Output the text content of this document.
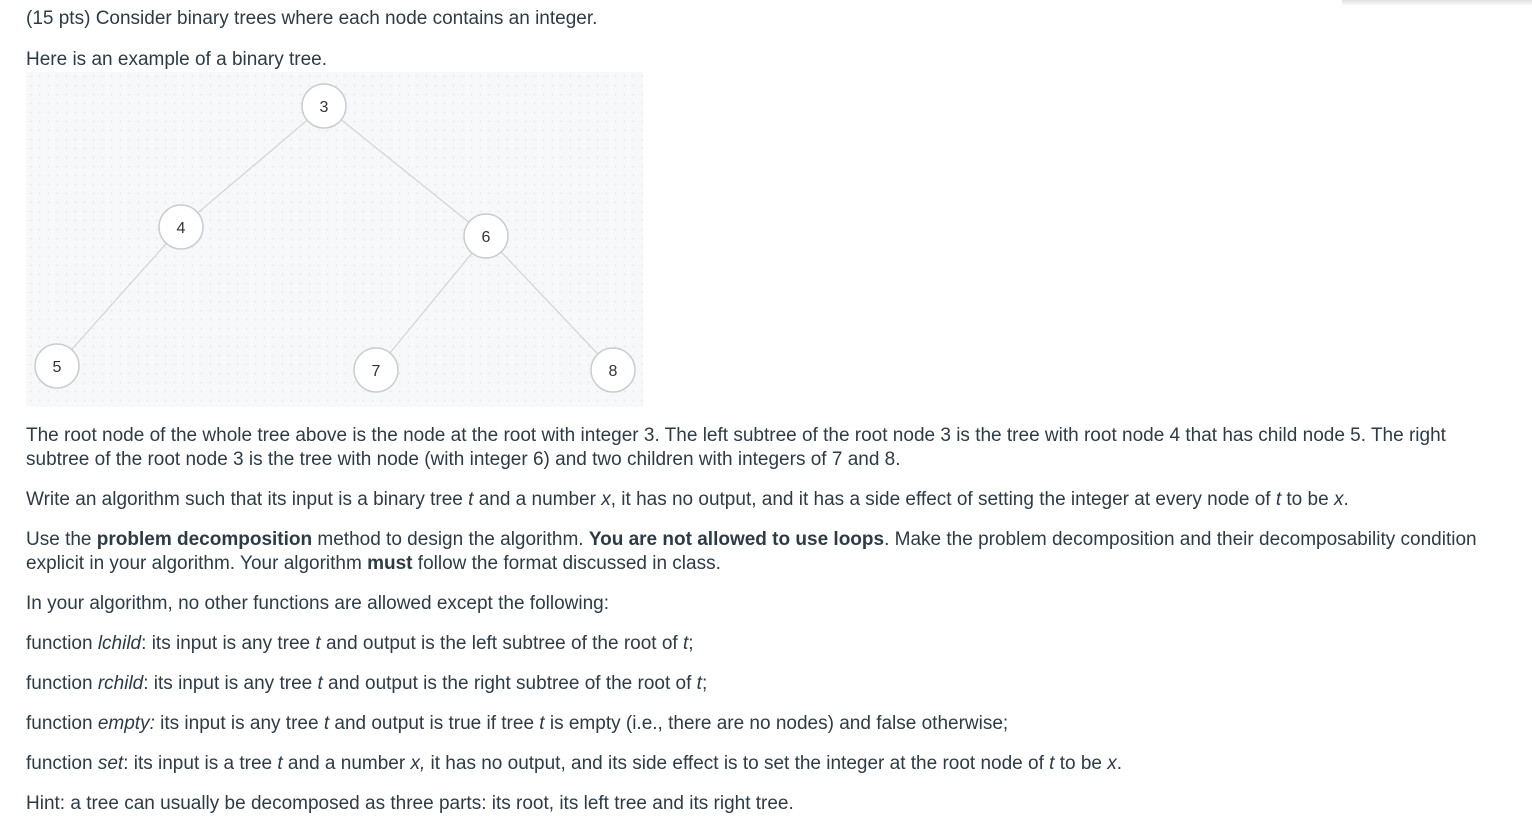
(15 pts) Consider binary trees where each node contains an integer.

Here is an example of a binary tree.

3
4
6
5	7	8

The root node of the whole tree above is the node at the root with integer 3. The left subtree of the root node 3 is the tree with root node 4 that has child node 5. The right subtree of the root node 3 is the tree with node (with integer 6) and two children with integers of 7 and 8.

Write an algorithm such that its input is a binary tree t and a number x, it has no output, and it has a side effect of setting the integer at every node of t to be x.

Use the problem decomposition method to design the algorithm. You are not allowed to use loops. Make the problem decomposition and their decomposability condition explicit in your algorithm. Your algorithm must follow the format discussed in class.

In your algorithm, no other functions are allowed except the following:

function lchild: its input is any tree t and output is the left subtree of the root of t;

function rchild: its input is any tree t and output is the right subtree of the root of t;

function empty: its input is any tree t and output is true if tree t is empty (i.e., there are no nodes) and false otherwise;

function set: its input is a tree t and a number x, it has no output, and its side effect is to set the integer at the root node of t to be x.

Hint: a tree can usually be decomposed as three parts: its root, its left tree and its right tree.
